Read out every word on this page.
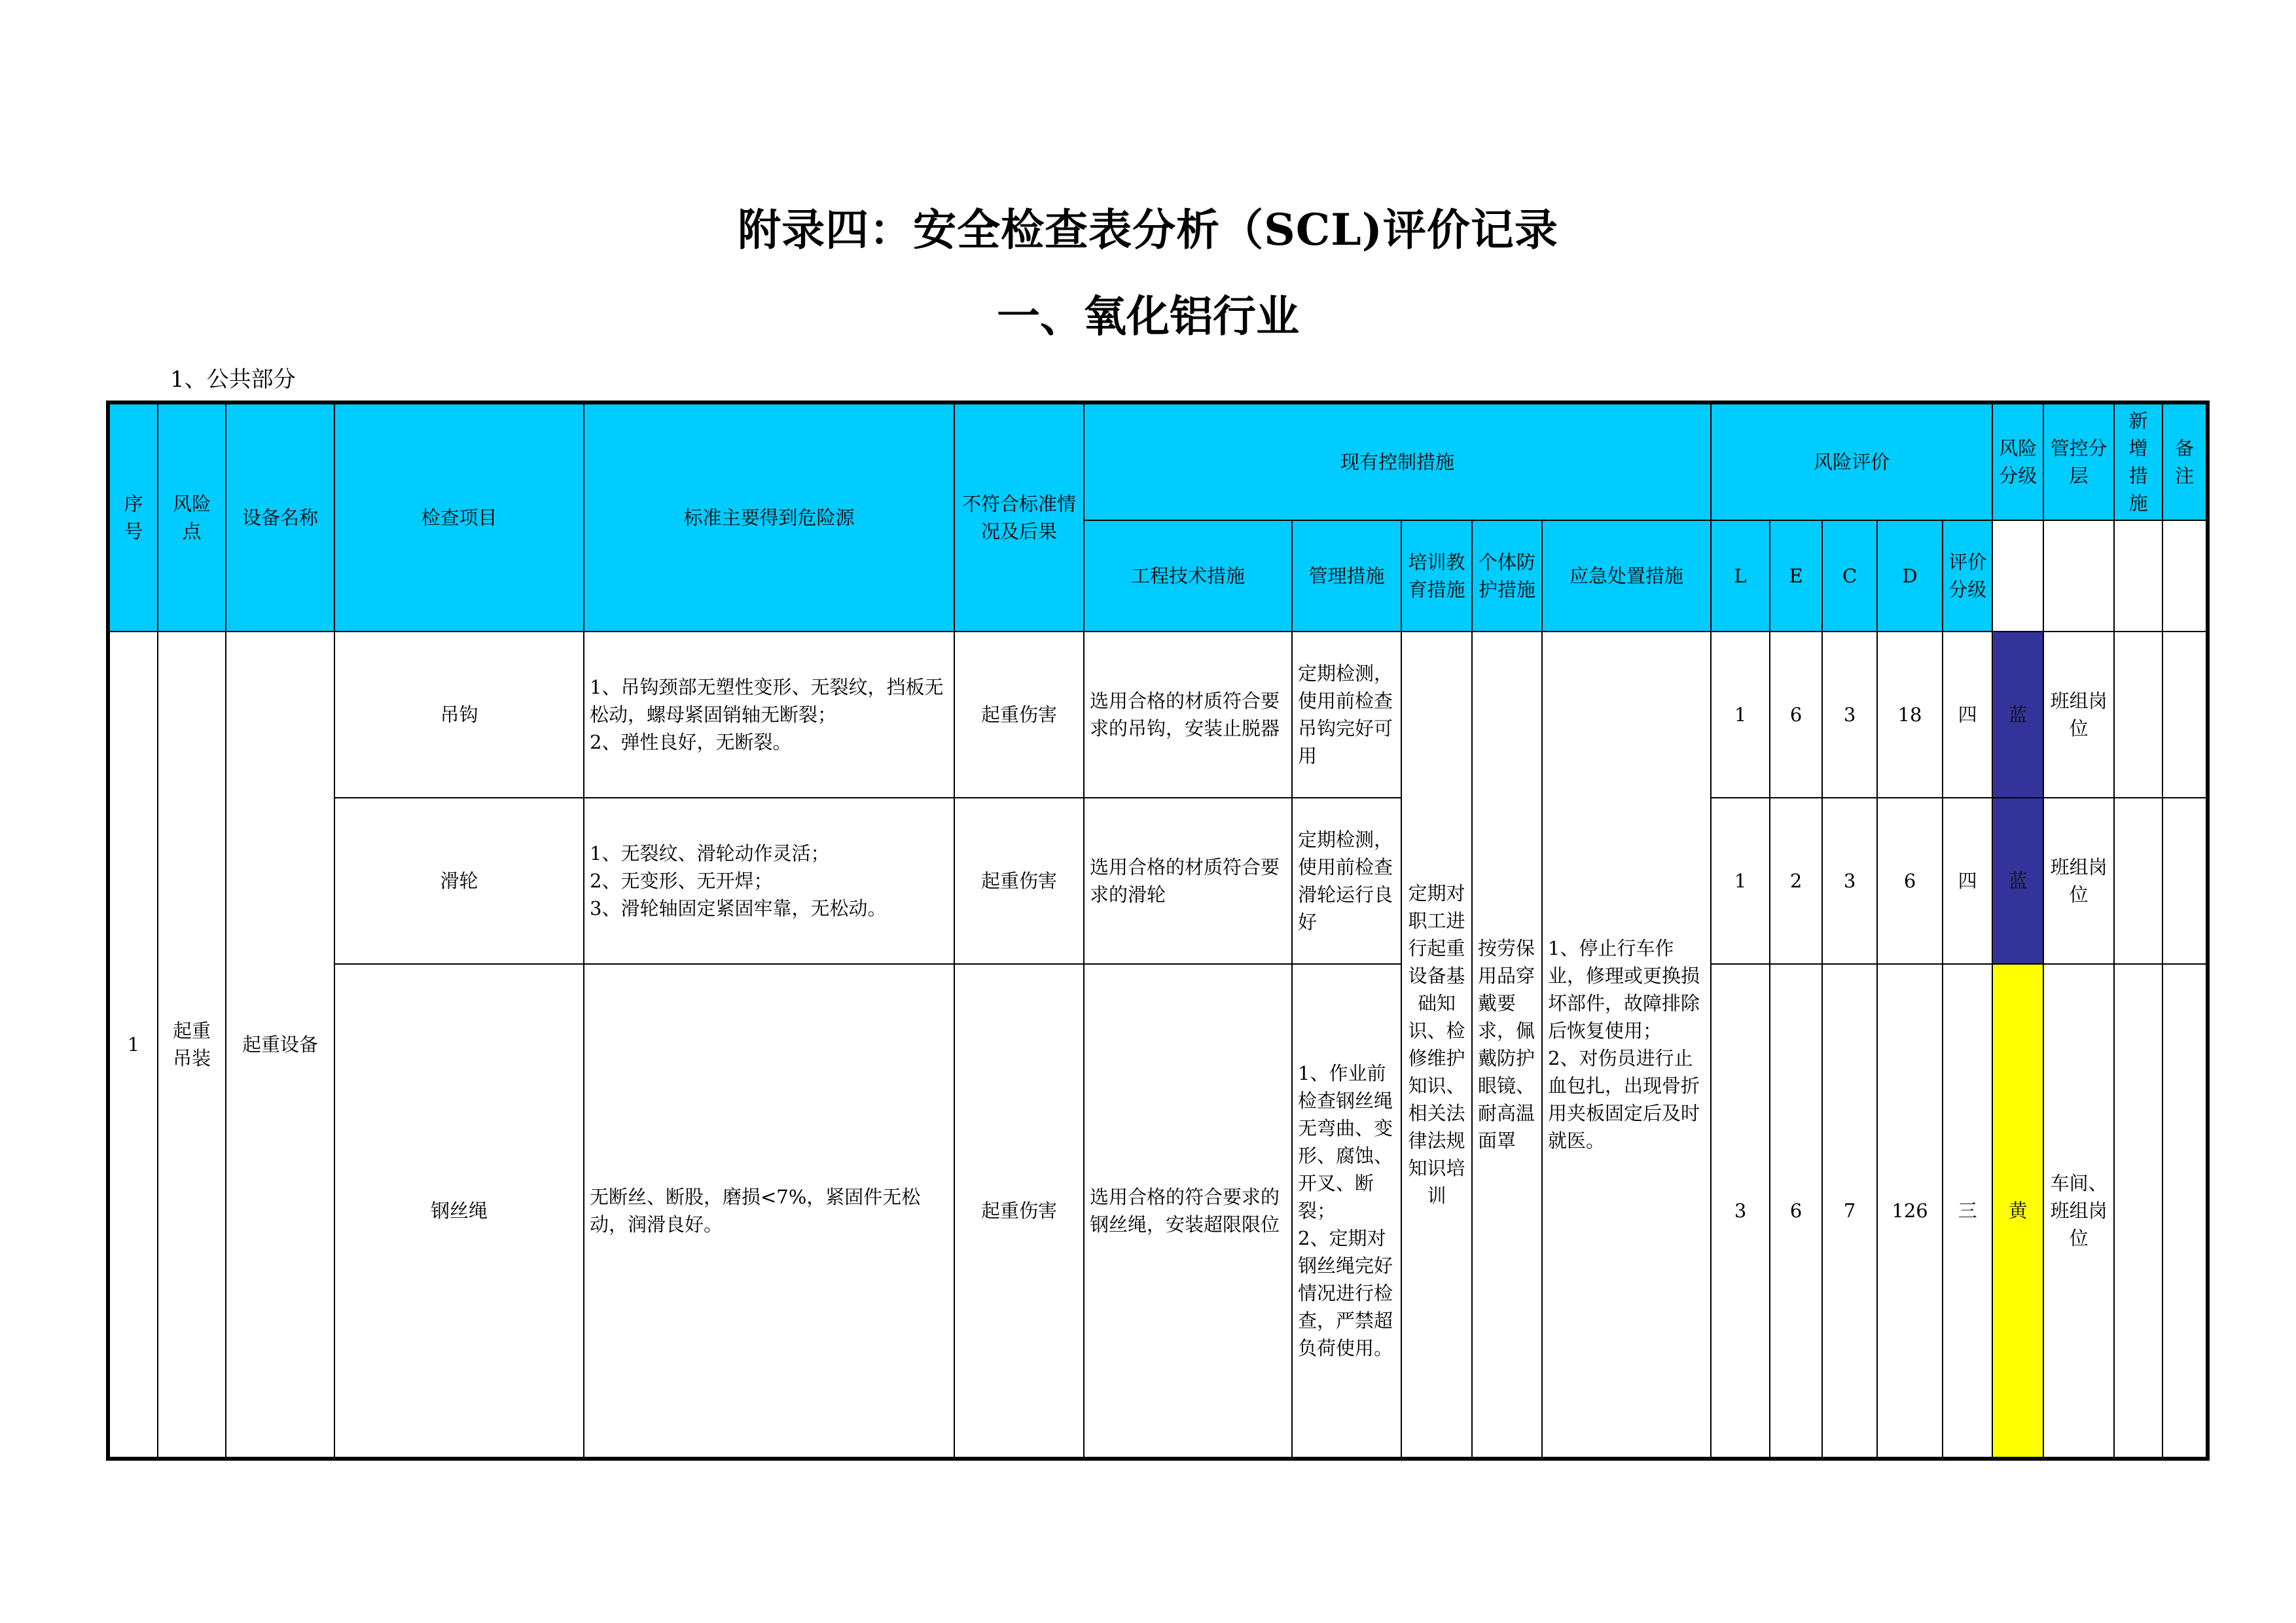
附录四：安全检查表分析（SCL)评价记录
一、氧化铝行业
1、公共部分
序号	风险点	设备名称	检查项目	标准主要得到危险源	不符合标准情况及后果	现有控制措施					风险评价					风险分级	管控分层	新增措施	备注
						工程技术措施	管理措施	培训教育措施	个体防护措施	应急处置措施	L	E	C	D	评价分级				
1	起重吊装	起重设备	吊钩	1、吊钩颈部无塑性变形、无裂纹，挡板无松动，螺母紧固销轴无断裂；
2、弹性良好，无断裂。	起重伤害	选用合格的材质符合要求的吊钩，安装止脱器	定期检测，使用前检查吊钩完好可用	定期对职工进行起重设备基础知识、检修维护知识、相关法律法规知识培训	按劳保用品穿戴要求，佩戴防护眼镜、耐高温面罩	1、停止行车作业，修理或更换损坏部件，故障排除后恢复使用；
2、对伤员进行止血包扎，出现骨折用夹板固定后及时就医。	1	6	3	18	四	蓝	班组岗位		
			滑轮	1、无裂纹、滑轮动作灵活；
2、无变形、无开焊；
3、滑轮轴固定紧固牢靠，无松动。	起重伤害	选用合格的材质符合要求的滑轮	定期检测，使用前检查滑轮运行良好				1	2	3	6	四	蓝	班组岗位		
			钢丝绳	无断丝、断股，磨损<7%，紧固件无松动，润滑良好。	起重伤害	选用合格的符合要求的钢丝绳，安装超限限位	1、作业前检查钢丝绳无弯曲、变形、腐蚀、开叉、断裂；
2、定期对钢丝绳完好情况进行检查，严禁超负荷使用。				3	6	7	126	三	黄	车间、班组岗位		
